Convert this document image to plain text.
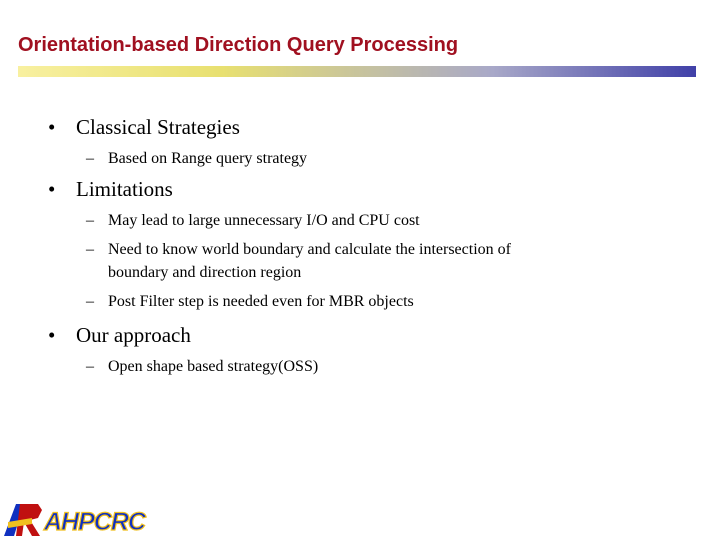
Orientation-based Direction Query Processing
• Classical Strategies
– Based on Range query strategy
• Limitations
– May lead to large unnecessary I/O and CPU cost
– Need to know world boundary and calculate the intersection of
boundary and direction region
– Post Filter step is needed even for MBR objects
• Our approach
– Open shape based strategy(OSS)
AHPCRC
